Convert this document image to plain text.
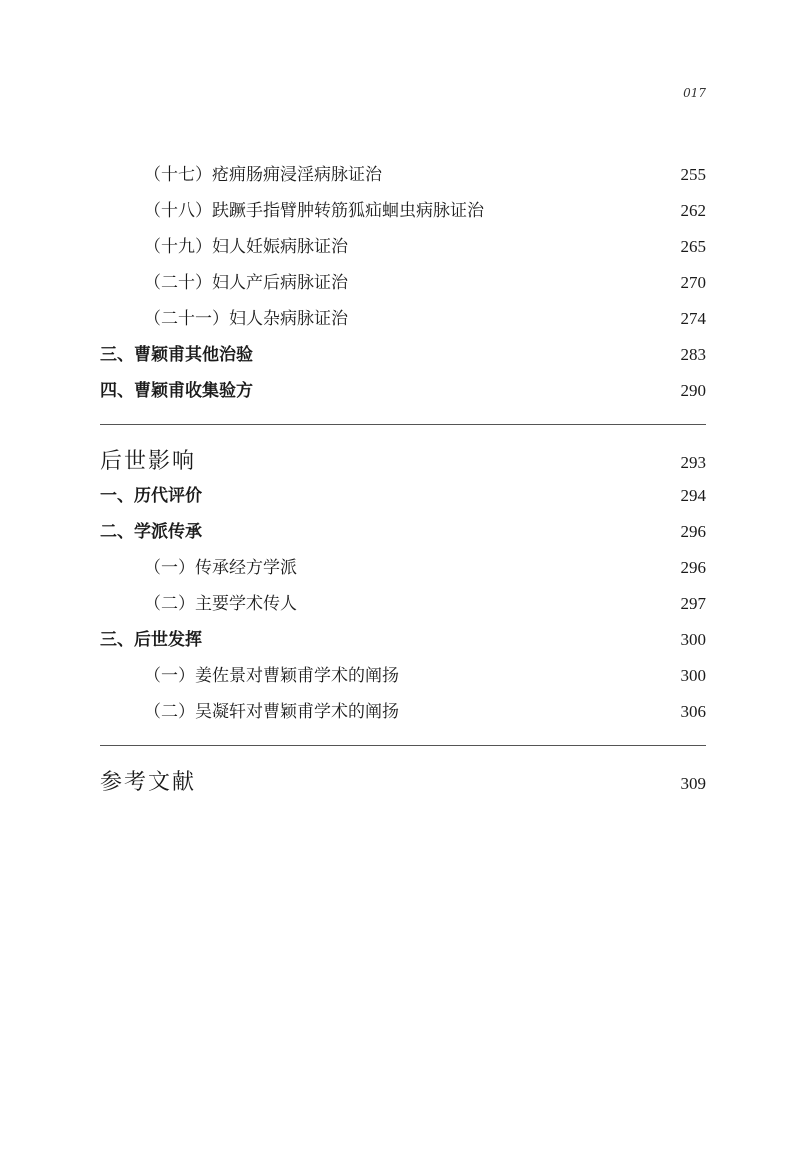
017
（十七）疮痈肠痈浸淫病脉证治	255
（十八）趺蹶手指臂肿转筋狐疝蛔虫病脉证治	262
（十九）妇人妊娠病脉证治	265
（二十）妇人产后病脉证治	270
（二十一）妇人杂病脉证治	274
三、曹颖甫其他治验	283
四、曹颖甫收集验方	290
后世影响	293
一、历代评价	294
二、学派传承	296
（一）传承经方学派	296
（二）主要学术传人	297
三、后世发挥	300
（一）姜佐景对曹颖甫学术的阐扬	300
（二）吴凝轩对曹颖甫学术的阐扬	306
参考文献	309
